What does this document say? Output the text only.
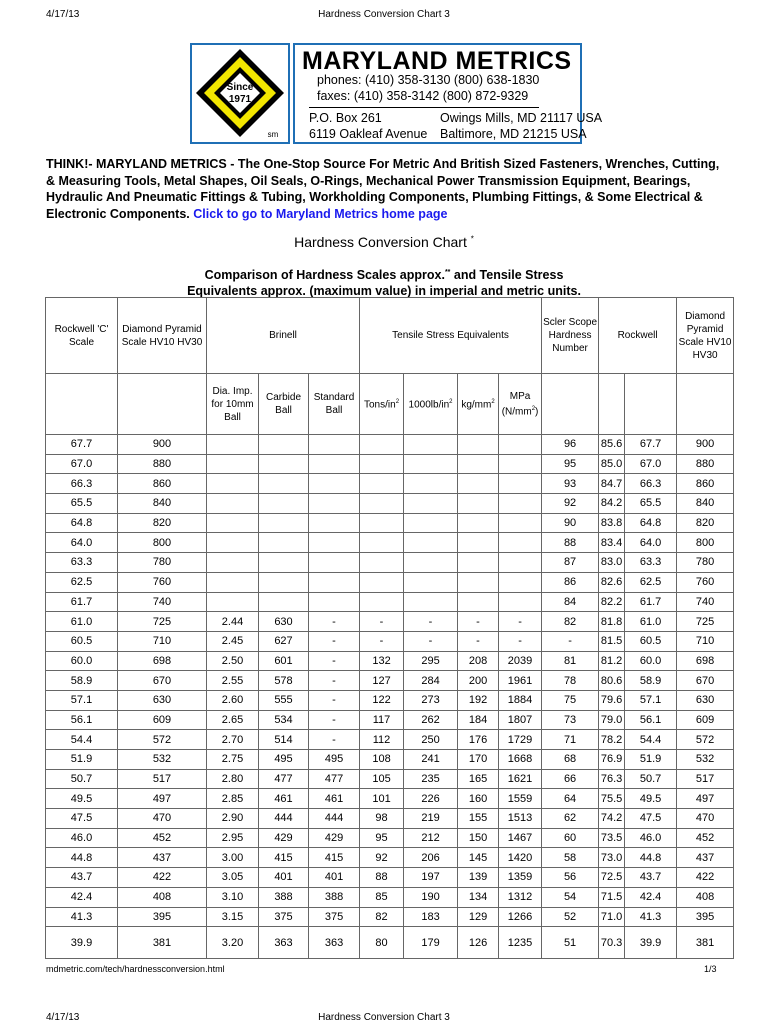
4/17/13	Hardness Conversion Chart 3
Since
1971
sm
MARYLAND METRICS
phones: (410) 358-3130 (800) 638-1830
faxes: (410) 358-3142 (800) 872-9329
P.O. Box 261	Owings Mills, MD 21117 USA
6119 Oakleaf Avenue Baltimore, MD 21215 USA
THINK!- MARYLAND METRICS - The One-Stop Source For Metric And British Sized Fasteners, Wrenches, Cutting, & Measuring Tools, Metal Shapes, Oil Seals, O-Rings, Mechanical Power Transmission Equipment, Bearings, Hydraulic And Pneumatic Fittings & Tubing, Workholding Components, Plumbing Fittings, & Some Electrical & Electronic Components. Click to go to Maryland Metrics home page
Hardness Conversion Chart *
Comparison of Hardness Scales approx.** and Tensile Stress
Equivalents approx. (maximum value) in imperial and metric units.
Rockwell 'C' Scale	Diamond Pyramid Scale HV10 HV30	Brinell			Tensile Stress Equivalents				Scler Scope Hardness Number	Rockwell		Diamond Pyramid Scale HV10 HV30
		Dia. Imp. for 10mm Ball	Carbide Ball	Standard Ball	Tons/$in^2$	$1000lb/in^2$	$kg/mm^2$	MPa
$(N/mm^2)$				
67.7	900								96	85.6	67.7	900
67.0	880								95	85.0	67.0	880
66.3	860								93	84.7	66.3	860
65.5	840								92	84.2	65.5	840
64.8	820								90	83.8	64.8	820
64.0	800								88	83.4	64.0	800
63.3	780								87	83.0	63.3	780
62.5	760								86	82.6	62.5	760
61.7	740								84	82.2	61.7	740
61.0	725	2.44	630	-	-	-	-	-	82	81.8	61.0	725
60.5	710	2.45	627	-	-	-	-	-	-	81.5	60.5	710
60.0	698	2.50	601	-	132	295	208	2039	81	81.2	60.0	698
58.9	670	2.55	578	-	127	284	200	1961	78	80.6	58.9	670
57.1	630	2.60	555	-	122	273	192	1884	75	79.6	57.1	630
56.1	609	2.65	534	-	117	262	184	1807	73	79.0	56.1	609
54.4	572	2.70	514	-	112	250	176	1729	71	78.2	54.4	572
51.9	532	2.75	495	495	108	241	170	1668	68	76.9	51.9	532
50.7	517	2.80	477	477	105	235	165	1621	66	76.3	50.7	517
49.5	497	2.85	461	461	101	226	160	1559	64	75.5	49.5	497
47.5	470	2.90	444	444	98	219	155	1513	62	74.2	47.5	470
46.0	452	2.95	429	429	95	212	150	1467	60	73.5	46.0	452
44.8	437	3.00	415	415	92	206	145	1420	58	73.0	44.8	437
43.7	422	3.05	401	401	88	197	139	1359	56	72.5	43.7	422
42.4	408	3.10	388	388	85	190	134	1312	54	71.5	42.4	408
41.3	395	3.15	375	375	82	183	129	1266	52	71.0	41.3	395
39.9	381	3.20	363	363	80	179	126	1235	51	70.3	39.9	381
mdmetric.com/tech/hardnessconversion.html	1/3
4/17/13	Hardness Conversion Chart 3
